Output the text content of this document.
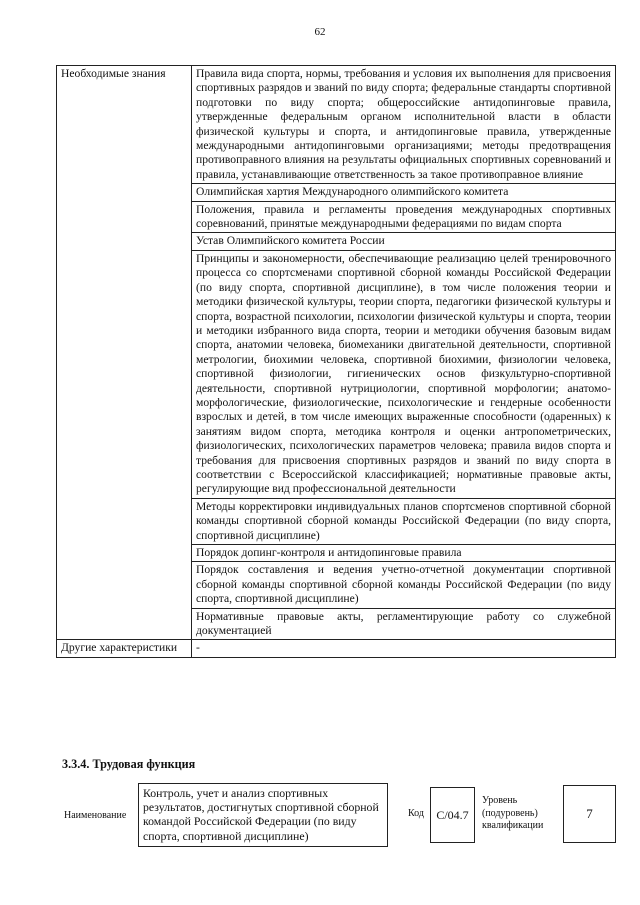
62
Необходимые знания	Правила вида спорта, нормы, требования и условия их выполнения для присвоения спортивных разрядов и званий по виду спорта; федеральные стандарты спортивной подготовки по виду спорта; общероссийские антидопинговые правила, утвержденные федеральным органом исполнительной власти в области физической культуры и спорта, и антидопинговые правила, утвержденные международными антидопинговыми организациями; методы предотвращения противоправного влияния на результаты официальных спортивных соревнований и правила, устанавливающие ответственность за такое противоправное влияние
	Олимпийская хартия Международного олимпийского комитета
	Положения, правила и регламенты проведения международных спортивных соревнований, принятые международными федерациями по видам спорта
	Устав Олимпийского комитета России
	Принципы и закономерности, обеспечивающие реализацию целей тренировочного процесса со спортсменами спортивной сборной команды Российской Федерации (по виду спорта, спортивной дисциплине), в том числе положения теории и методики физической культуры, теории спорта, педагогики физической культуры и спорта, возрастной психологии, психологии физической культуры и спорта, теории и методики избранного вида спорта, теории и методики обучения базовым видам спорта, анатомии человека, биомеханики двигательной деятельности, спортивной метрологии, биохимии человека, спортивной биохимии, физиологии человека, спортивной физиологии, гигиенических основ физкультурно-спортивной деятельности, спортивной нутрициологии, спортивной морфологии; анатомо-морфологические, физиологические, психологические и гендерные особенности взрослых и детей, в том числе имеющих выраженные способности (одаренных) к занятиям видом спорта, методика контроля и оценки антропометрических, физиологических, психологических параметров человека; правила видов спорта и требования для присвоения спортивных разрядов и званий по виду спорта в соответствии с Всероссийской классификацией; нормативные правовые акты, регулирующие вид профессиональной деятельности
	Методы корректировки индивидуальных планов спортсменов спортивной сборной команды спортивной сборной команды Российской Федерации (по виду спорта, спортивной дисциплине)
	Порядок допинг-контроля и антидопинговые правила
	Порядок составления и ведения учетно-отчетной документации спортивной сборной команды спортивной сборной команды Российской Федерации (по виду спорта, спортивной дисциплине)
	Нормативные правовые акты, регламентирующие работу со служебной документацией
Другие характеристики	-
3.3.4. Трудовая функция
Наименование
Контроль, учет и анализ спортивных результатов, достигнутых спортивной сборной командой Российской Федерации (по виду спорта, спортивной дисциплине)
Код	C/04.7
Уровень (подуровень) квалификации
7
